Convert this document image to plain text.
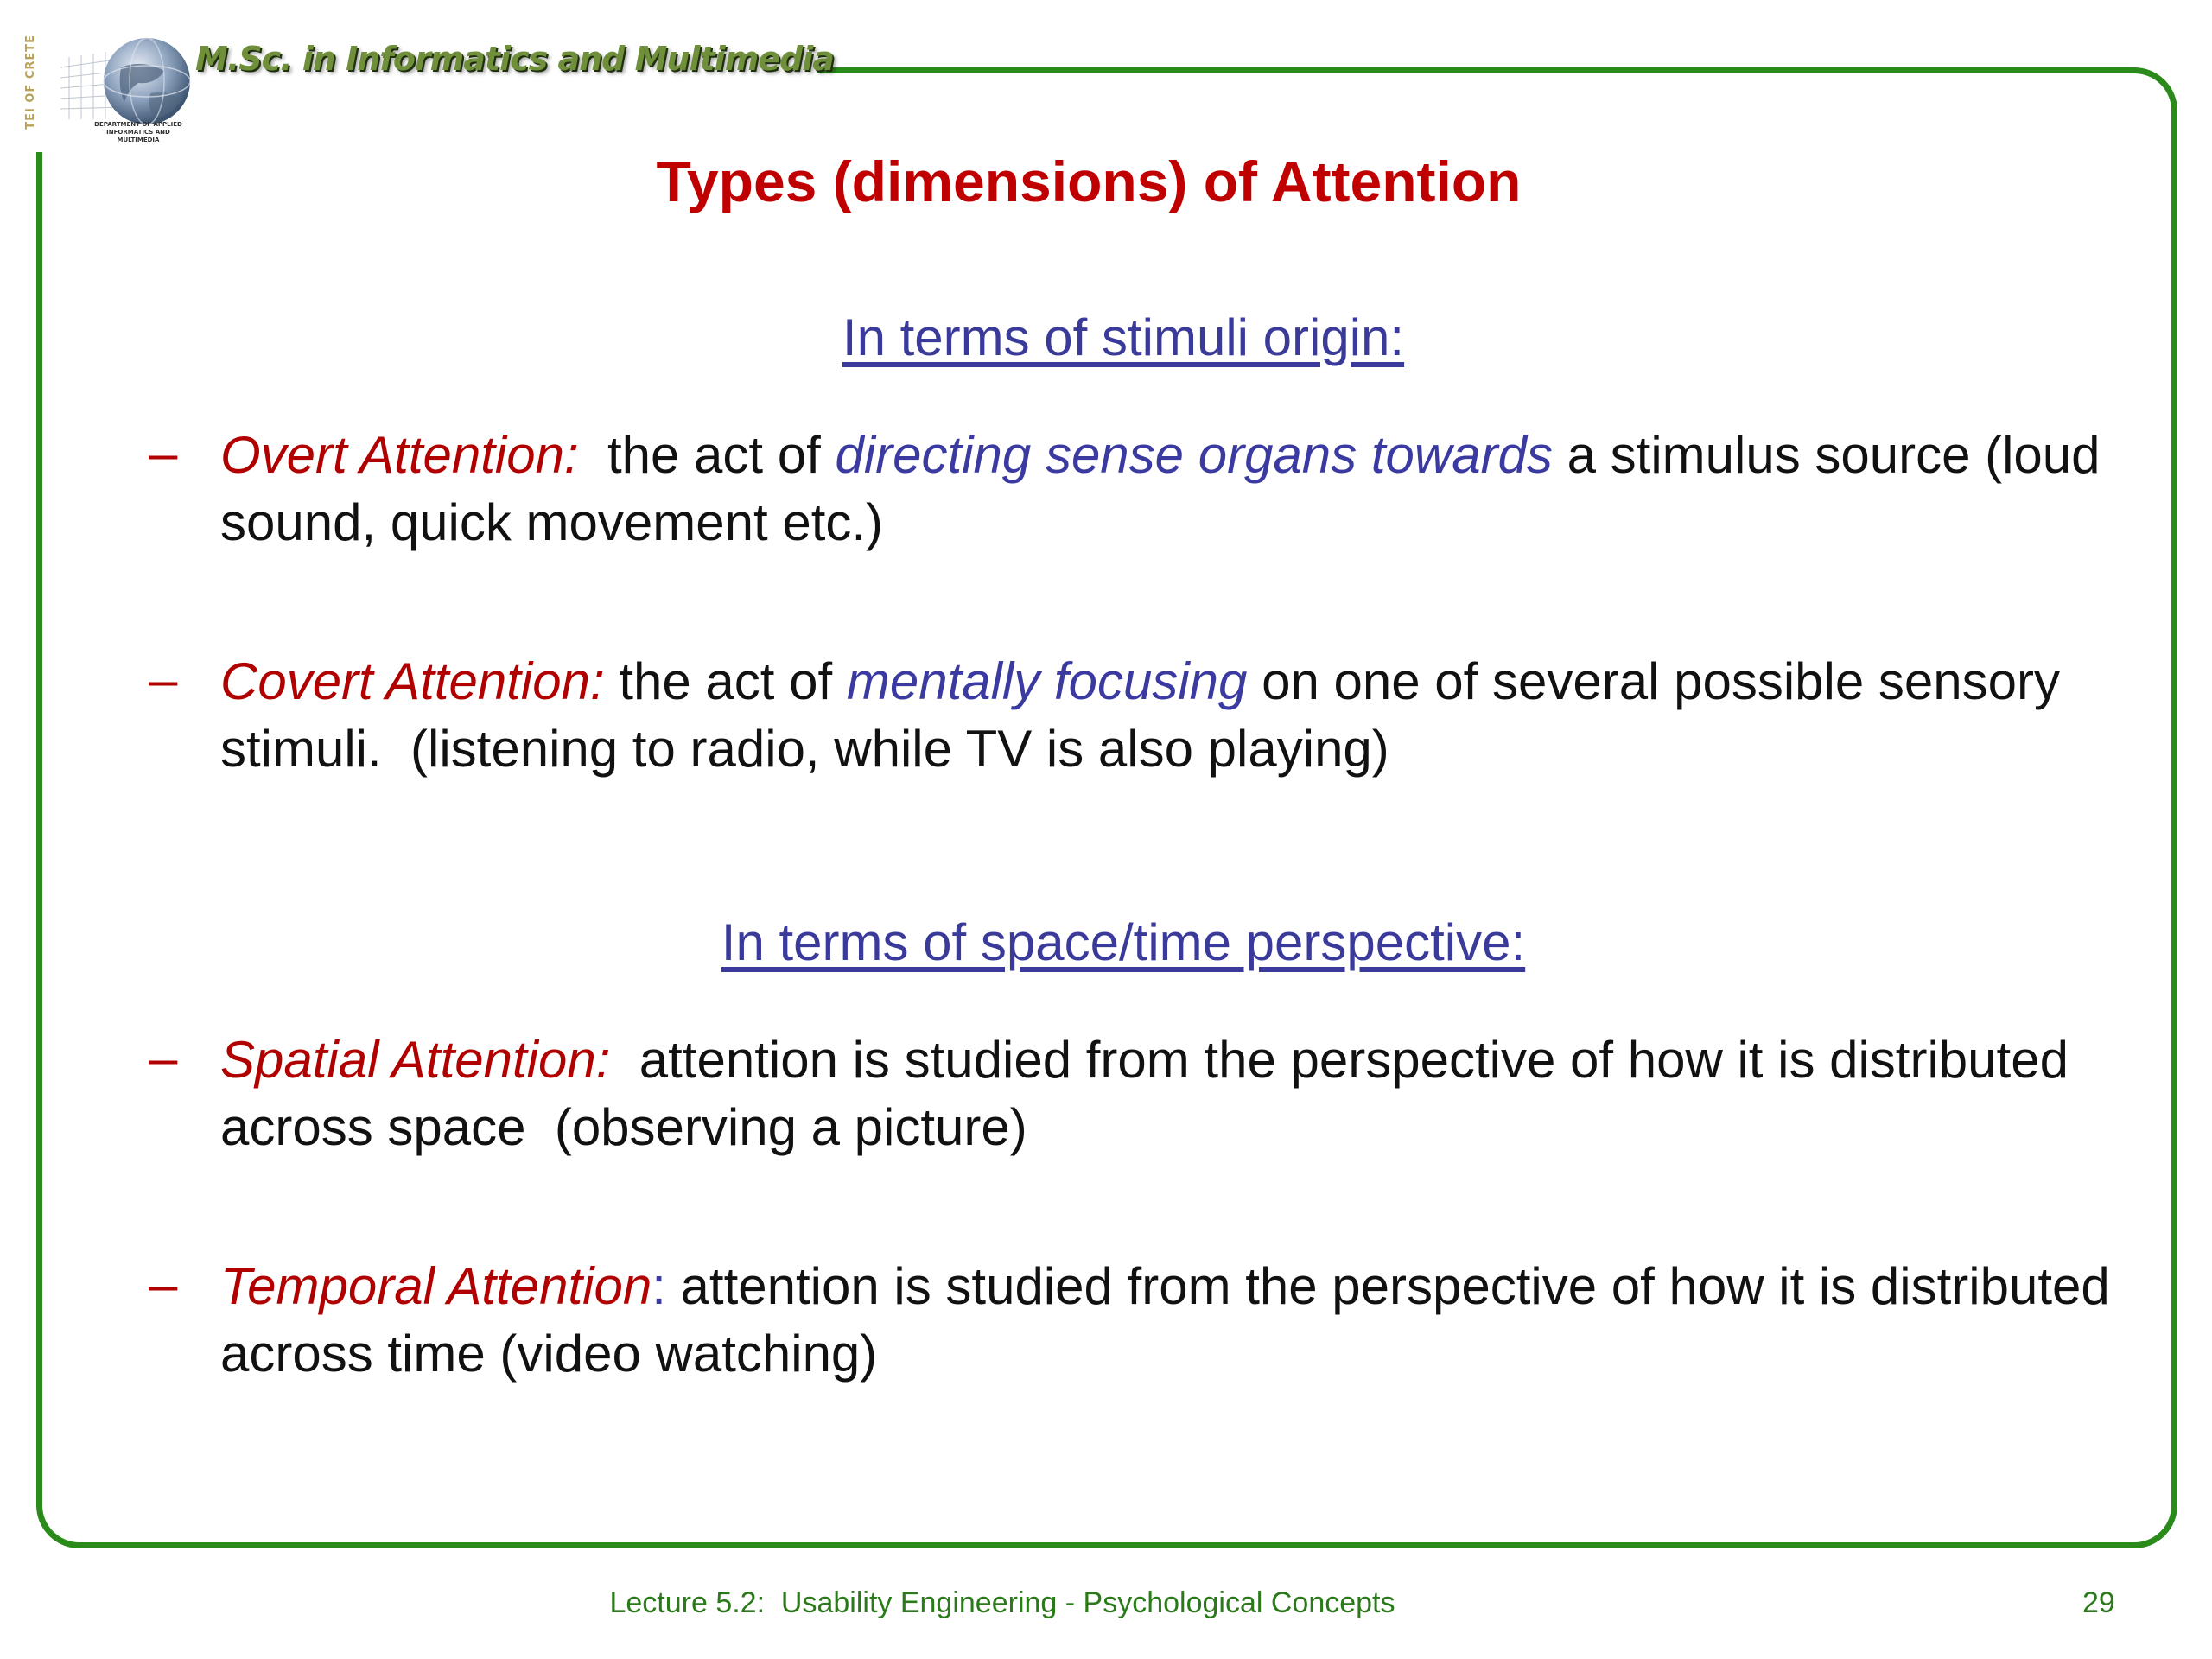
TEI OF CRETE	DEPARTMENT OF APPLIED
INFORMATICS AND MULTIMEDIA
M.Sc. in Informatics and Multimedia
Types (dimensions) of Attention
In terms of stimuli origin:
– Overt Attention:  the act of directing sense organs towards a stimulus source (loud sound, quick movement etc.)
– Covert Attention: the act of mentally focusing on one of several possible sensory stimuli.  (listening to radio, while TV is also playing)
In terms of space/time perspective:
– Spatial Attention:  attention is studied from the perspective of how it is distributed across space  (observing a picture)
– Temporal Attention: attention is studied from the perspective of how it is distributed across time (video watching)
Lecture 5.2:  Usability Engineering - Psychological Concepts	29
